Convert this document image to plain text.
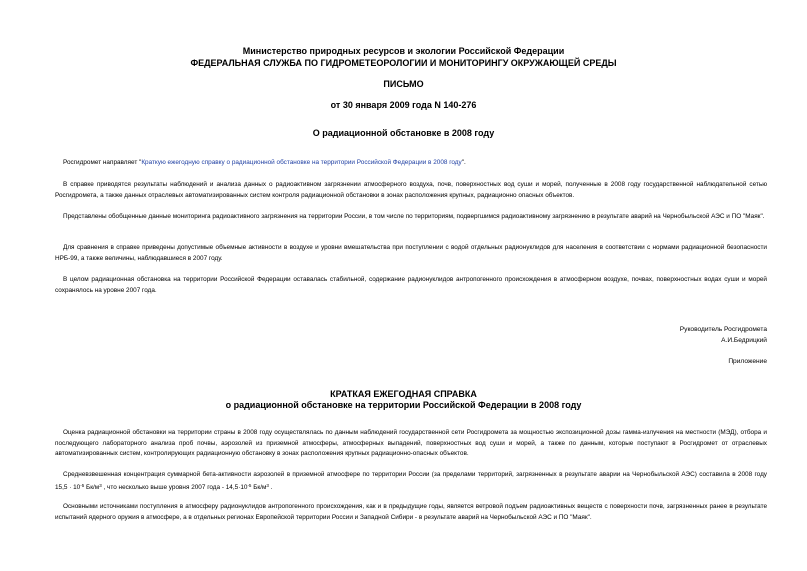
Министерство природных ресурсов и экологии Российской Федерации
ФЕДЕРАЛЬНАЯ СЛУЖБА ПО ГИДРОМЕТЕОРОЛОГИИ И МОНИТОРИНГУ ОКРУЖАЮЩЕЙ СРЕДЫ
ПИСЬМО
от 30 января 2009 года N 140-276
О радиационной обстановке в 2008 году
Росгидромет направляет "Краткую ежегодную справку о радиационной обстановке на территории Российской Федерации в 2008 году".
В справке приводятся результаты наблюдений и анализа данных о радиоактивном загрязнении атмосферного воздуха, почв, поверхностных вод суши и морей, полученные в 2008 году государственной наблюдательной сетью Росгидромета, а также данных отраслевых автоматизированных систем контроля радиационной обстановки в зонах расположения крупных, радиационно опасных объектов.
Представлены обобщенные данные мониторинга радиоактивного загрязнения на территории России, в том числе по территориям, подвергшимся радиоактивному загрязнению в результате аварий на Чернобыльской АЭС и ПО "Маяк".
Для сравнения в справке приведены допустимые объемные активности в воздухе и уровни вмешательства при поступлении с водой отдельных радионуклидов для населения в соответствии с нормами радиационной безопасности НРБ-99, а также величины, наблюдавшиеся в 2007 году.
В целом радиационная обстановка на территории Российской Федерации оставалась стабильной, содержание радионуклидов антропогенного происхождения в атмосферном воздухе, почвах, поверхностных водах суши и морей сохранялось на уровне 2007 года.
Руководитель Росгидромета
А.И.Бедрицкий
Приложение
КРАТКАЯ ЕЖЕГОДНАЯ СПРАВКА
о радиационной обстановке на территории Российской Федерации в 2008 году
Оценка радиационной обстановки на территории страны в 2008 году осуществлялась по данным наблюдений государственной сети Росгидромета за мощностью экспозиционной дозы гамма-излучения на местности (МЭД), отбора и последующего лабораторного анализа проб почвы, аэрозолей из приземной атмосферы, атмосферных выпадений, поверхностных вод суши и морей, а также по данным, которые поступают в Росгидромет от отраслевых автоматизированных систем, контролирующих радиационную обстановку в зонах расположения крупных радиационно-опасных объектов.
Средневзвешенная концентрация суммарной бета-активности аэрозолей в приземной атмосфере по территории России (за пределами территорий, загрязненных в результате аварии на Чернобыльской АЭС) составила в 2008 году $15,5 \cdot 10^{-5}$ $Бк/м^3$ , что несколько выше уровня 2007 года - $14,5\cdot 10^{-5}$ $Бк/м^3$ .
Основными источниками поступления в атмосферу радионуклидов антропогенного происхождения, как и в предыдущие годы, является ветровой подъем радиоактивных веществ с поверхности почв, загрязненных ранее в результате испытаний ядерного оружия в атмосфере, а в отдельных регионах Европейской территории России и Западной Сибири - в результате аварий на Чернобыльской АЭС и ПО "Маяк".
